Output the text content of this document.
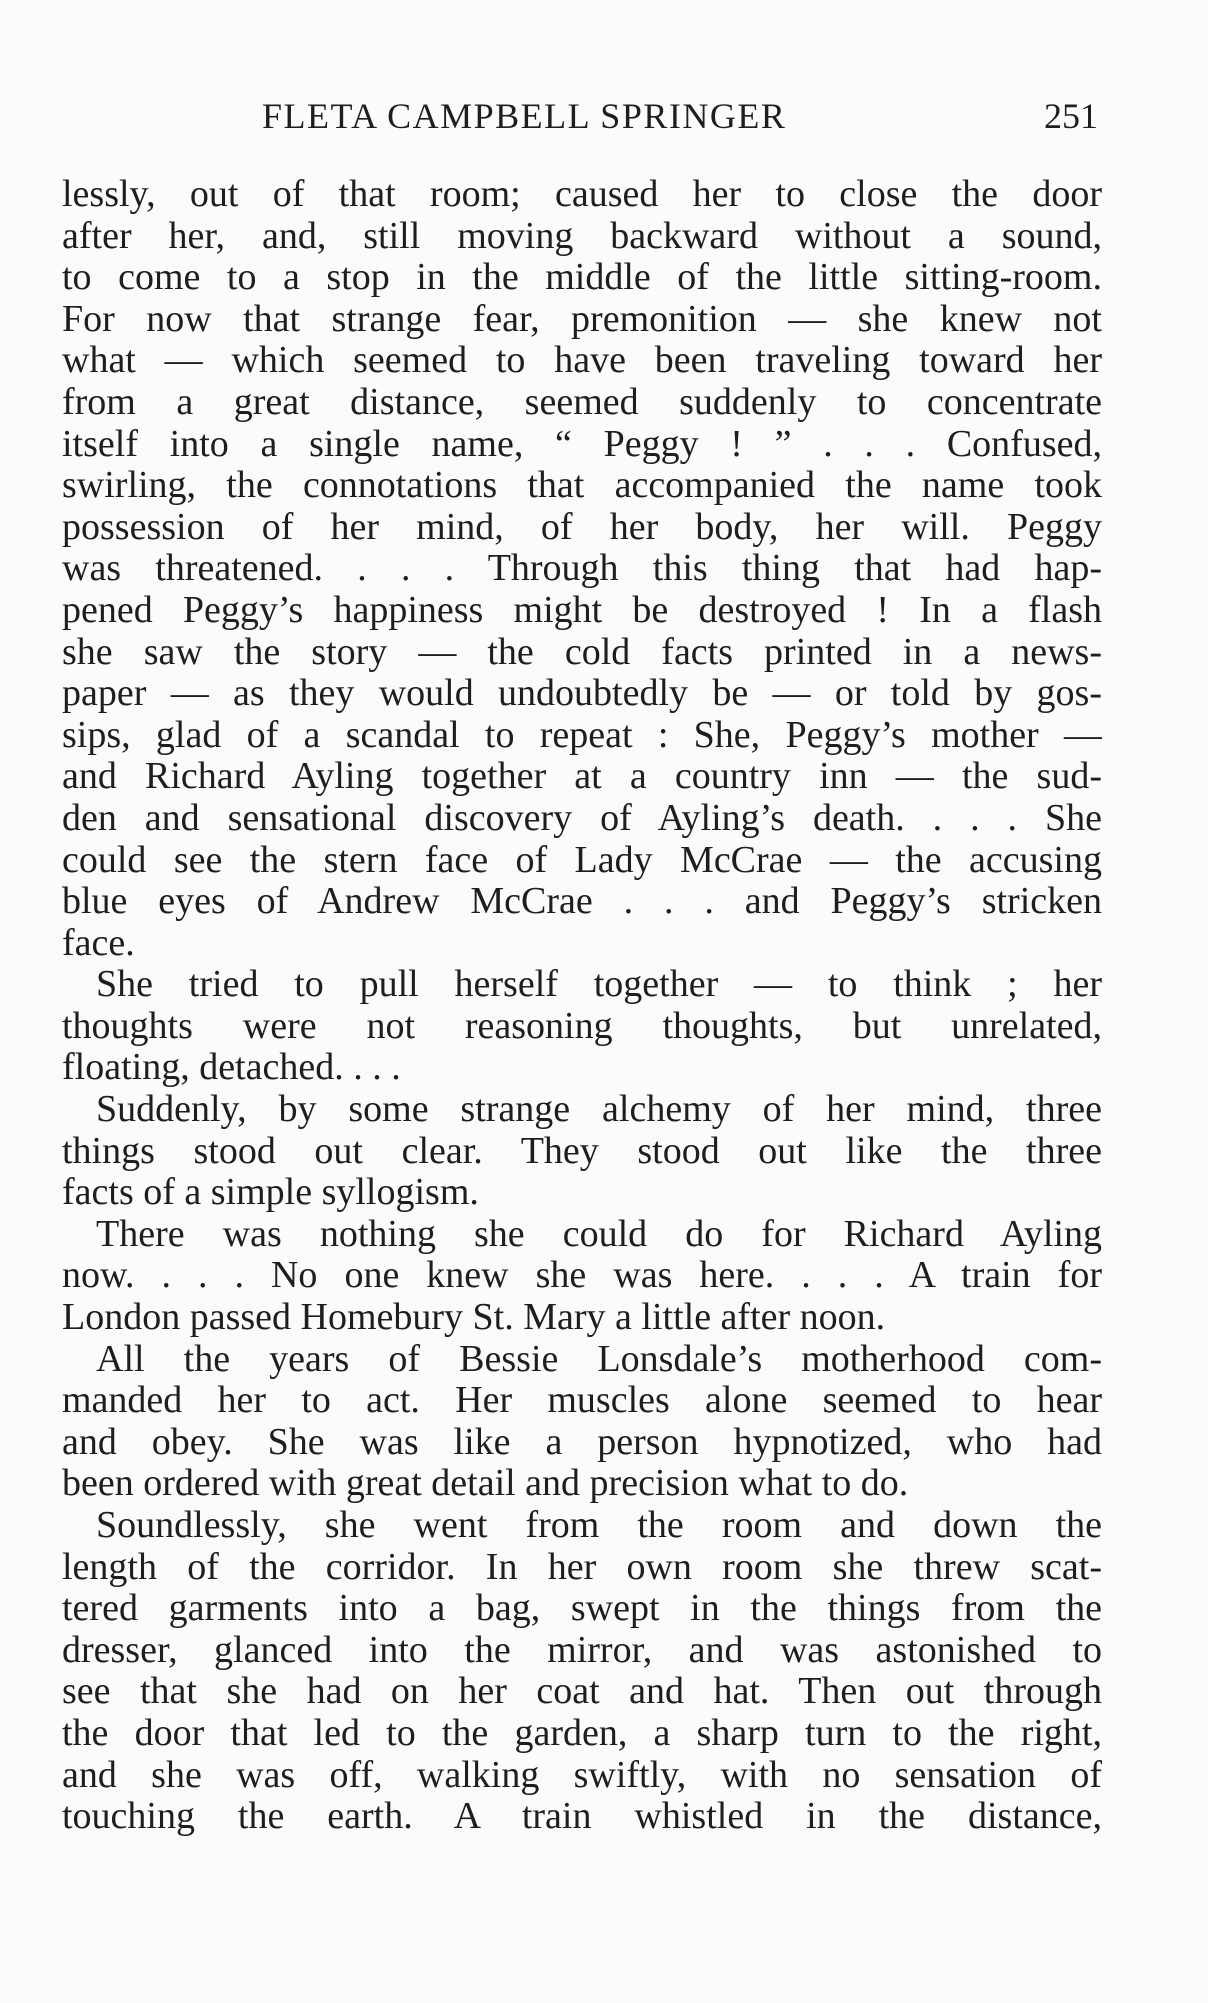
FLETA CAMPBELL SPRINGER	251
lessly, out of that room; caused her to close the door
after her, and, still moving backward without a sound,
to come to a stop in the middle of the little sitting-room.
For now that strange fear, premonition — she knew not
what — which seemed to have been traveling toward her
from a great distance, seemed suddenly to concentrate
itself into a single name, “ Peggy ! ” . . . Confused,
swirling, the connotations that accompanied the name took
possession of her mind, of her body, her will. Peggy
was threatened. . . . Through this thing that had hap-
pened Peggy’s happiness might be destroyed ! In a flash
she saw the story — the cold facts printed in a news-
paper — as they would undoubtedly be — or told by gos-
sips, glad of a scandal to repeat : She, Peggy’s mother —
and Richard Ayling together at a country inn — the sud-
den and sensational discovery of Ayling’s death. . . . She
could see the stern face of Lady McCrae — the accusing
blue eyes of Andrew McCrae . . . and Peggy’s stricken
face.
She tried to pull herself together — to think ; her
thoughts were not reasoning thoughts, but unrelated,
floating, detached. . . .
Suddenly, by some strange alchemy of her mind, three
things stood out clear. They stood out like the three
facts of a simple syllogism.
There was nothing she could do for Richard Ayling
now. . . . No one knew she was here. . . . A train for
London passed Homebury St. Mary a little after noon.
All the years of Bessie Lonsdale’s motherhood com-
manded her to act. Her muscles alone seemed to hear
and obey. She was like a person hypnotized, who had
been ordered with great detail and precision what to do.
Soundlessly, she went from the room and down the
length of the corridor. In her own room she threw scat-
tered garments into a bag, swept in the things from the
dresser, glanced into the mirror, and was astonished to
see that she had on her coat and hat. Then out through
the door that led to the garden, a sharp turn to the right,
and she was off, walking swiftly, with no sensation of
touching the earth. A train whistled in the distance,
